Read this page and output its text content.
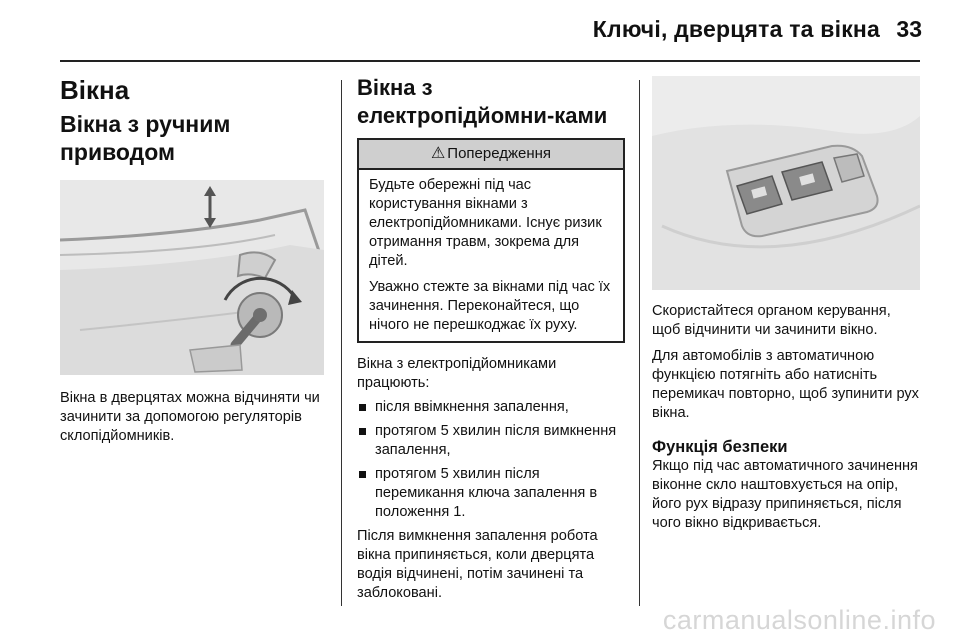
Ключі, дверцята та вікна 33
Вікна
Вікна з ручним приводом

Вікна в дверцятах можна відчиняти чи зачинити за допомогою регуляторів склопідйомників.

Вікна з електропідйомни-ками
⚠ Попередження

Будьте обережні під час користування вікнами з електропідйомниками. Існує ризик отримання травм, зокрема для дітей.

Уважно стежте за вікнами під час їх зачинення. Переконайтеся, що нічого не перешкоджає їх руху.

Вікна з електропідйомниками працюють:

після ввімкнення запалення,
протягом 5 хвилин після вимкнення запалення,
протягом 5 хвилин після перемикання ключа запалення в положення 1.

Після вимкнення запалення робота вікна припиняється, коли дверцята водія відчинені, потім зачинені та заблоковані.

Скористайтеся органом керування, щоб відчинити чи зачинити вікно.

Для автомобілів з автоматичною функцією потягніть або натисніть перемикач повторно, щоб зупинити рух вікна.

Функція безпеки

Якщо під час автоматичного зачинення віконне скло наштовхується на опір, його рух відразу припиняється, після чого вікно відкривається.

carmanualsonline.info
